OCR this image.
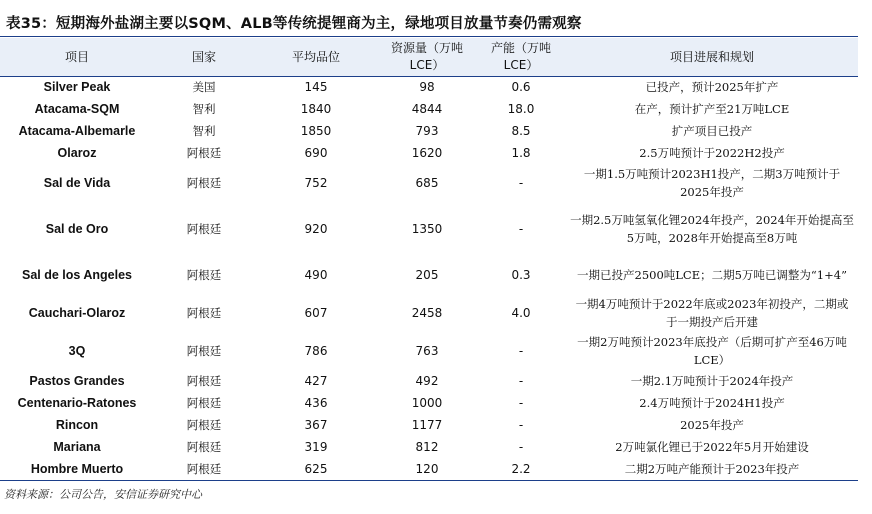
表35：短期海外盐湖主要以SQM、ALB等传统提锂商为主，绿地项目放量节奏仍需观察
项目	国家	平均品位	资源量（万吨 LCE）	产能（万吨 LCE）	项目进展和规划
Silver Peak	美国	145	98	0.6	已投产，预计2025年扩产
Atacama-SQM	智利	1840	4844	18.0	在产，预计扩产至21万吨LCE
Atacama-Albemarle	智利	1850	793	8.5	扩产项目已投产
Olaroz	阿根廷	690	1620	1.8	2.5万吨预计于2022H2投产
Sal de Vida	阿根廷	752	685	-	一期1.5万吨预计2023H1投产，二期3万吨预计于2025年投产
Sal de Oro	阿根廷	920	1350	-	一期2.5万吨氢氧化锂2024年投产，2024年开始提高至5万吨，2028年开始提高至8万吨
Sal de los Angeles	阿根廷	490	205	0.3	一期已投产2500吨LCE；二期5万吨已调整为“1+4”
Cauchari-Olaroz	阿根廷	607	2458	4.0	一期4万吨预计于2022年底或2023年初投产，二期或于一期投产后开建
3Q	阿根廷	786	763	-	一期2万吨预计2023年底投产（后期可扩产至46万吨LCE）
Pastos Grandes	阿根廷	427	492	-	一期2.1万吨预计于2024年投产
Centenario-Ratones	阿根廷	436	1000	-	2.4万吨预计于2024H1投产
Rincon	阿根廷	367	1177	-	2025年投产
Mariana	阿根廷	319	812	-	2万吨氯化锂已于2022年5月开始建设
Hombre Muerto	阿根廷	625	120	2.2	二期2万吨产能预计于2023年投产
资料来源：公司公告，安信证券研究中心
